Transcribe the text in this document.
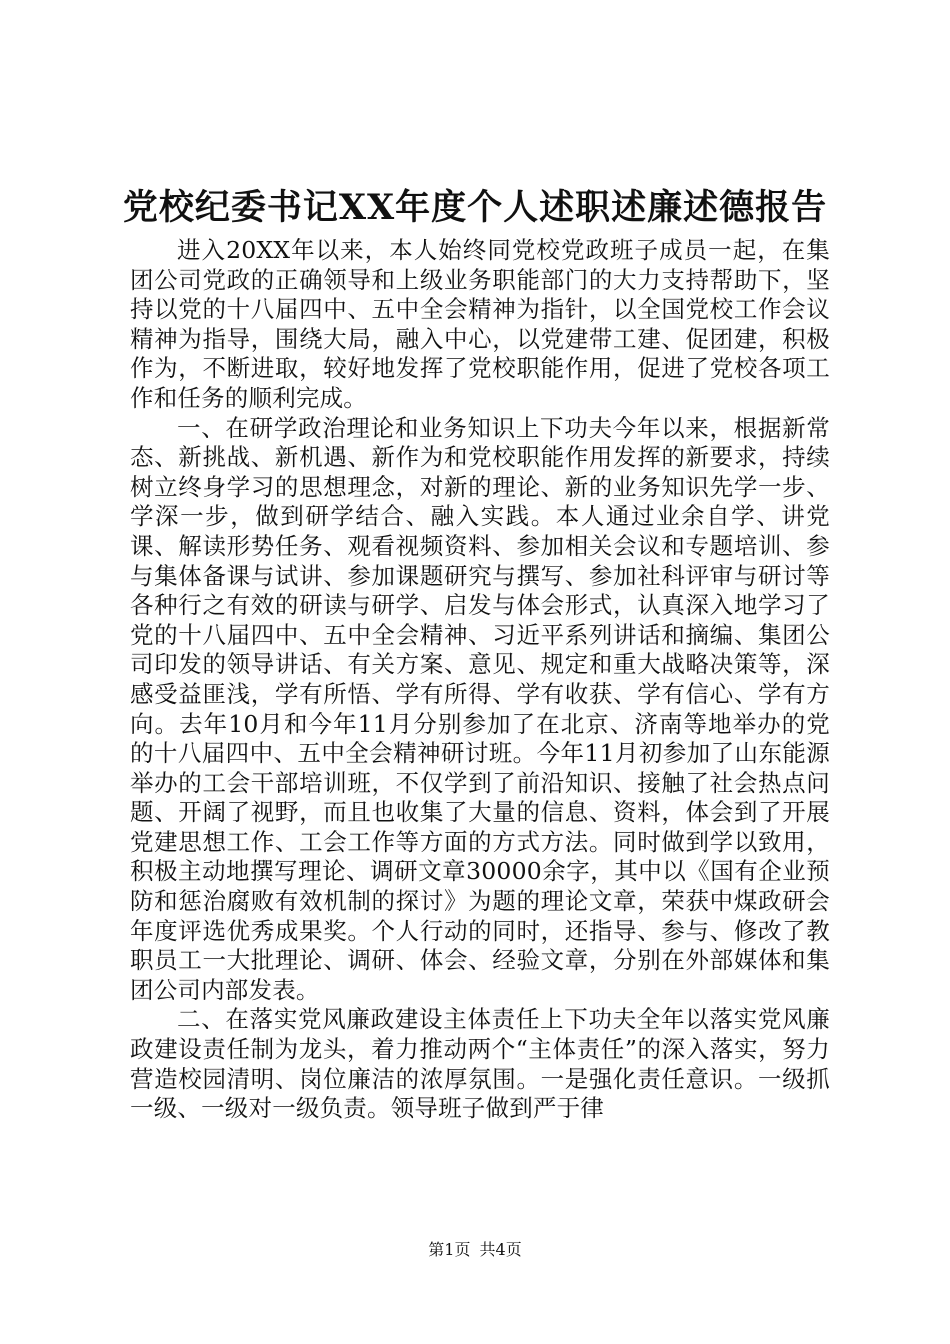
党校纪委书记XX年度个人述职述廉述德报告

进入20XX年以来，本人始终同党校党政班子成员一起，在集团公司党政的正确领导和上级业务职能部门的大力支持帮助下，坚持以党的十八届四中、五中全会精神为指针，以全国党校工作会议精神为指导，围绕大局，融入中心，以党建带工建、促团建，积极作为，不断进取，较好地发挥了党校职能作用，促进了党校各项工作和任务的顺利完成。

一、在研学政治理论和业务知识上下功夫今年以来，根据新常态、新挑战、新机遇、新作为和党校职能作用发挥的新要求，持续树立终身学习的思想理念，对新的理论、新的业务知识先学一步、学深一步，做到研学结合、融入实践。本人通过业余自学、讲党课、解读形势任务、观看视频资料、参加相关会议和专题培训、参与集体备课与试讲、参加课题研究与撰写、参加社科评审与研讨等各种行之有效的研读与研学、启发与体会形式，认真深入地学习了党的十八届四中、五中全会精神、习近平系列讲话和摘编、集团公司印发的领导讲话、有关方案、意见、规定和重大战略决策等，深感受益匪浅，学有所悟、学有所得、学有收获、学有信心、学有方向。去年10月和今年11月分别参加了在北京、济南等地举办的党的十八届四中、五中全会精神研讨班。今年11月初参加了山东能源举办的工会干部培训班，不仅学到了前沿知识、接触了社会热点问题、开阔了视野，而且也收集了大量的信息、资料，体会到了开展党建思想工作、工会工作等方面的方式方法。同时做到学以致用，积极主动地撰写理论、调研文章30000余字，其中以《国有企业预防和惩治腐败有效机制的探讨》为题的理论文章，荣获中煤政研会年度评选优秀成果奖。个人行动的同时，还指导、参与、修改了教职员工一大批理论、调研、体会、经验文章，分别在外部媒体和集团公司内部发表。

二、在落实党风廉政建设主体责任上下功夫全年以落实党风廉政建设责任制为龙头，着力推动两个“主体责任”的深入落实，努力营造校园清明、岗位廉洁的浓厚氛围。一是强化责任意识。一级抓一级、一级对一级负责。领导班子做到严于律

第1页 共4页
